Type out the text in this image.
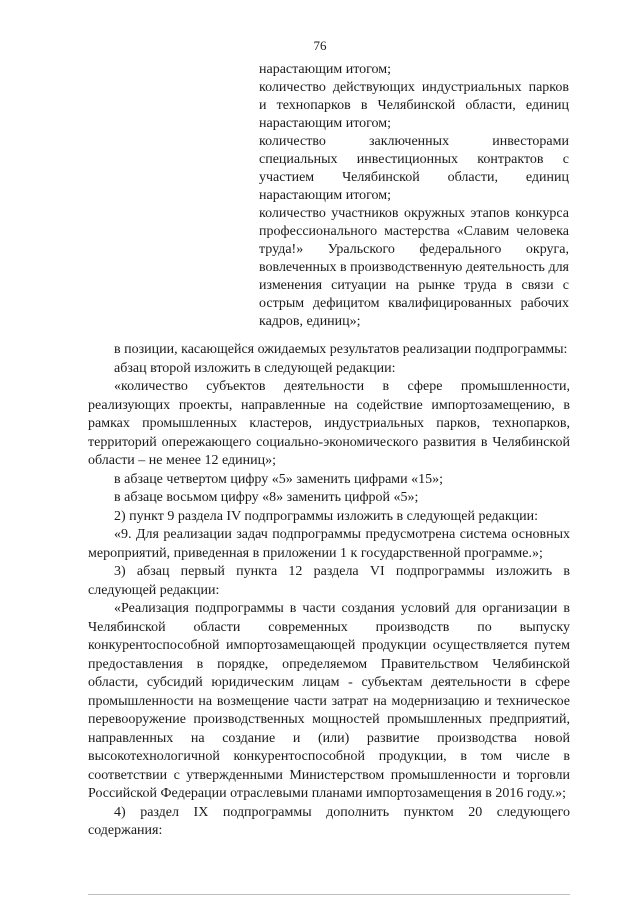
76

нарастающим итогом;

количество действующих индустриальных парков и технопарков в Челябинской области, единиц нарастающим итогом;

количество заключенных инвесторами специальных инвестиционных контрактов с участием Челябинской области, единиц нарастающим итогом;

количество участников окружных этапов конкурса профессионального мастерства «Славим человека труда!» Уральского федерального округа, вовлеченных в производственную деятельность для изменения ситуации на рынке труда в связи с острым дефицитом квалифицированных рабочих кадров, единиц»;

в позиции, касающейся ожидаемых результатов реализации подпрограммы:

абзац второй изложить в следующей редакции:

«количество субъектов деятельности в сфере промышленности, реализующих проекты, направленные на содействие импортозамещению, в рамках промышленных кластеров, индустриальных парков, технопарков, территорий опережающего социально-экономического развития в Челябинской области – не менее 12 единиц»;

в абзаце четвертом цифру «5» заменить цифрами «15»;

в абзаце восьмом цифру «8» заменить цифрой «5»;

2) пункт 9 раздела IV подпрограммы изложить в следующей редакции:

«9. Для реализации задач подпрограммы предусмотрена система основных мероприятий, приведенная в приложении 1 к государственной программе.»;

3) абзац первый пункта 12 раздела VI подпрограммы изложить в следующей редакции:

«Реализация подпрограммы в части создания условий для организации в Челябинской области современных производств по выпуску конкурентоспособной импортозамещающей продукции осуществляется путем предоставления в порядке, определяемом Правительством Челябинской области, субсидий юридическим лицам - субъектам деятельности в сфере промышленности на возмещение части затрат на модернизацию и техническое перевооружение производственных мощностей промышленных предприятий, направленных на создание и (или) развитие производства новой высокотехнологичной конкурентоспособной продукции, в том числе в соответствии с утвержденными Министерством промышленности и торговли Российской Федерации отраслевыми планами импортозамещения в 2016 году.»;

4) раздел IX подпрограммы дополнить пунктом 20 следующего содержания:
